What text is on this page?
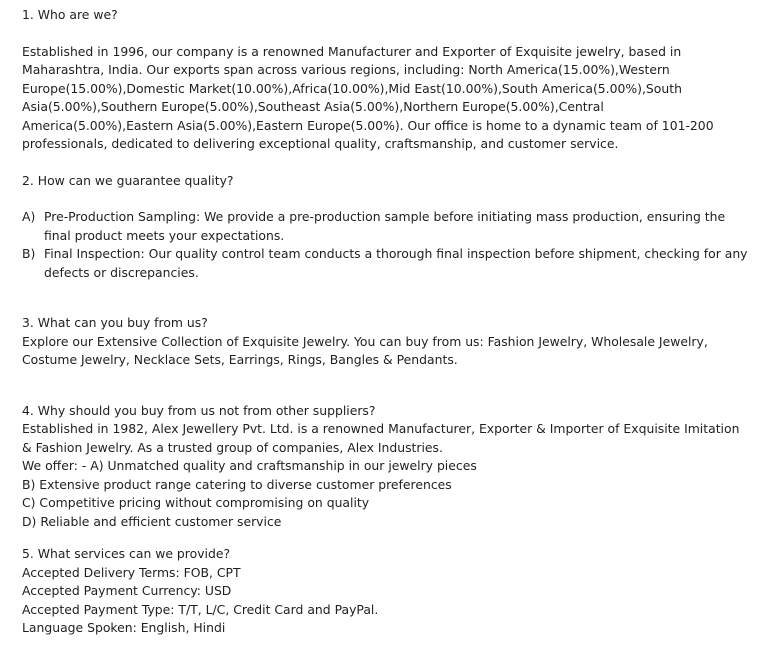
1. Who are we?

Established in 1996, our company is a renowned Manufacturer and Exporter of Exquisite jewelry, based in Maharashtra, India. Our exports span across various regions, including: North America(15.00%),Western Europe(15.00%),Domestic Market(10.00%),Africa(10.00%),Mid East(10.00%),South America(5.00%),South Asia(5.00%),Southern Europe(5.00%),Southeast Asia(5.00%),Northern Europe(5.00%),Central America(5.00%),Eastern Asia(5.00%),Eastern Europe(5.00%). Our office is home to a dynamic team of 101-200 professionals, dedicated to delivering exceptional quality, craftsmanship, and customer service.

2. How can we guarantee quality?

A) Pre-Production Sampling: We provide a pre-production sample before initiating mass production, ensuring the final product meets your expectations.
B) Final Inspection: Our quality control team conducts a thorough final inspection before shipment, checking for any defects or discrepancies.

3. What can you buy from us?

Explore our Extensive Collection of Exquisite Jewelry. You can buy from us: Fashion Jewelry, Wholesale Jewelry, Costume Jewelry, Necklace Sets, Earrings, Rings, Bangles & Pendants.

4. Why should you buy from us not from other suppliers?

Established in 1982, Alex Jewellery Pvt. Ltd. is a renowned Manufacturer, Exporter & Importer of Exquisite Imitation & Fashion Jewelry. As a trusted group of companies, Alex Industries.

We offer: - A) Unmatched quality and craftsmanship in our jewelry pieces

B) Extensive product range catering to diverse customer preferences

C) Competitive pricing without compromising on quality

D) Reliable and efficient customer service

5. What services can we provide?

Accepted Delivery Terms: FOB, CPT

Accepted Payment Currency: USD

Accepted Payment Type: T/T, L/C, Credit Card and PayPal.

Language Spoken: English, Hindi
